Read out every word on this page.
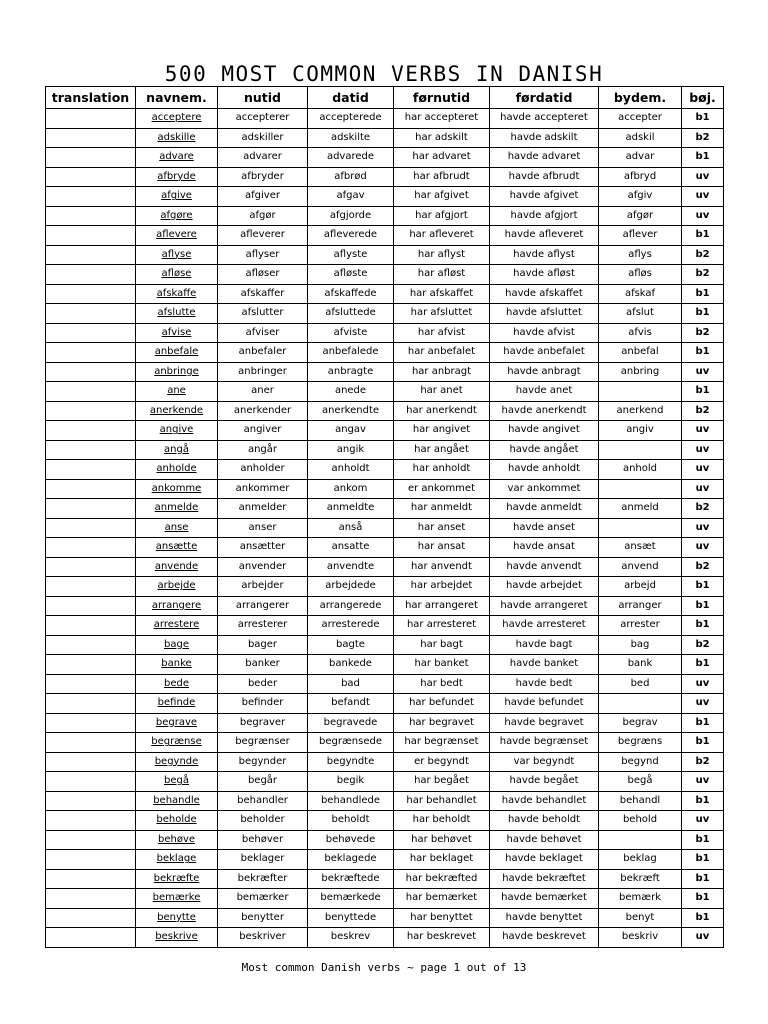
500 MOST COMMON VERBS IN DANISH
translation	navnem.	nutid	datid	førnutid	førdatid	bydem.	bøj.
	acceptere	accepterer	accepterede	har accepteret	havde accepteret	accepter	b1
	adskille	adskiller	adskilte	har adskilt	havde adskilt	adskil	b2
	advare	advarer	advarede	har advaret	havde advaret	advar	b1
	afbryde	afbryder	afbrød	har afbrudt	havde afbrudt	afbryd	uv
	afgive	afgiver	afgav	har afgivet	havde afgivet	afgiv	uv
	afgøre	afgør	afgjorde	har afgjort	havde afgjort	afgør	uv
	aflevere	afleverer	afleverede	har afleveret	havde afleveret	aflever	b1
	aflyse	aflyser	aflyste	har aflyst	havde aflyst	aflys	b2
	afløse	afløser	afløste	har afløst	havde afløst	afløs	b2
	afskaffe	afskaffer	afskaffede	har afskaffet	havde afskaffet	afskaf	b1
	afslutte	afslutter	afsluttede	har afsluttet	havde afsluttet	afslut	b1
	afvise	afviser	afviste	har afvist	havde afvist	afvis	b2
	anbefale	anbefaler	anbefalede	har anbefalet	havde anbefalet	anbefal	b1
	anbringe	anbringer	anbragte	har anbragt	havde anbragt	anbring	uv
	ane	aner	anede	har anet	havde anet		b1
	anerkende	anerkender	anerkendte	har anerkendt	havde anerkendt	anerkend	b2
	angive	angiver	angav	har angivet	havde angivet	angiv	uv
	angå	angår	angik	har angået	havde angået		uv
	anholde	anholder	anholdt	har anholdt	havde anholdt	anhold	uv
	ankomme	ankommer	ankom	er ankommet	var ankommet		uv
	anmelde	anmelder	anmeldte	har anmeldt	havde anmeldt	anmeld	b2
	anse	anser	anså	har anset	havde anset		uv
	ansætte	ansætter	ansatte	har ansat	havde ansat	ansæt	uv
	anvende	anvender	anvendte	har anvendt	havde anvendt	anvend	b2
	arbejde	arbejder	arbejdede	har arbejdet	havde arbejdet	arbejd	b1
	arrangere	arrangerer	arrangerede	har arrangeret	havde arrangeret	arranger	b1
	arrestere	arresterer	arresterede	har arresteret	havde arresteret	arrester	b1
	bage	bager	bagte	har bagt	havde bagt	bag	b2
	banke	banker	bankede	har banket	havde banket	bank	b1
	bede	beder	bad	har bedt	havde bedt	bed	uv
	befinde	befinder	befandt	har befundet	havde befundet		uv
	begrave	begraver	begravede	har begravet	havde begravet	begrav	b1
	begrænse	begrænser	begrænsede	har begrænset	havde begrænset	begræns	b1
	begynde	begynder	begyndte	er begyndt	var begyndt	begynd	b2
	begå	begår	begik	har begået	havde begået	begå	uv
	behandle	behandler	behandlede	har behandlet	havde behandlet	behandl	b1
	beholde	beholder	beholdt	har beholdt	havde beholdt	behold	uv
	behøve	behøver	behøvede	har behøvet	havde behøvet		b1
	beklage	beklager	beklagede	har beklaget	havde beklaget	beklag	b1
	bekræfte	bekræfter	bekræftede	har bekræfted	havde bekræftet	bekræft	b1
	bemærke	bemærker	bemærkede	har bemærket	havde bemærket	bemærk	b1
	benytte	benytter	benyttede	har benyttet	havde benyttet	benyt	b1
	beskrive	beskriver	beskrev	har beskrevet	havde beskrevet	beskriv	uv
Most common Danish verbs ~ page 1 out of 13
